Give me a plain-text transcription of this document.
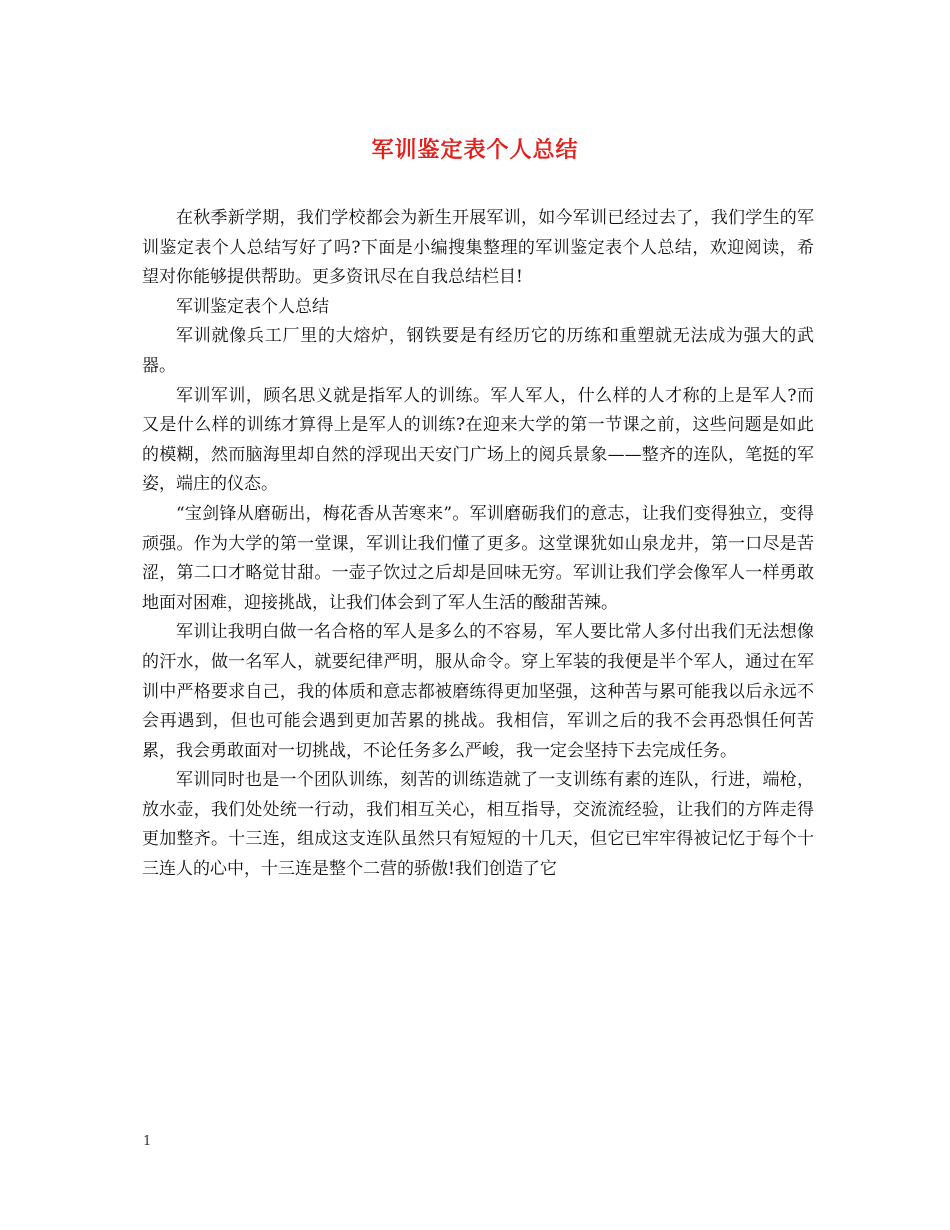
军训鉴定表个人总结

在秋季新学期，我们学校都会为新生开展军训，如今军训已经过去了，我们学生的军训鉴定表个人总结写好了吗?下面是小编搜集整理的军训鉴定表个人总结，欢迎阅读，希望对你能够提供帮助。更多资讯尽在自我总结栏目!

军训鉴定表个人总结

军训就像兵工厂里的大熔炉，钢铁要是有经历它的历练和重塑就无法成为强大的武器。

军训军训，顾名思义就是指军人的训练。军人军人，什么样的人才称的上是军人?而又是什么样的训练才算得上是军人的训练?在迎来大学的第一节课之前，这些问题是如此的模糊，然而脑海里却自然的浮现出天安门广场上的阅兵景象——整齐的连队，笔挺的军姿，端庄的仪态。

“宝剑锋从磨砺出，梅花香从苦寒来”。军训磨砺我们的意志，让我们变得独立，变得顽强。作为大学的第一堂课，军训让我们懂了更多。这堂课犹如山泉龙井，第一口尽是苦涩，第二口才略觉甘甜。一壶子饮过之后却是回味无穷。军训让我们学会像军人一样勇敢地面对困难，迎接挑战，让我们体会到了军人生活的酸甜苦辣。

军训让我明白做一名合格的军人是多么的不容易，军人要比常人多付出我们无法想像的汗水，做一名军人，就要纪律严明，服从命令。穿上军装的我便是半个军人，通过在军训中严格要求自己，我的体质和意志都被磨练得更加坚强，这种苦与累可能我以后永远不会再遇到，但也可能会遇到更加苦累的挑战。我相信，军训之后的我不会再恐惧任何苦累，我会勇敢面对一切挑战，不论任务多么严峻，我一定会坚持下去完成任务。

军训同时也是一个团队训练，刻苦的训练造就了一支训练有素的连队，行进，端枪，放水壶，我们处处统一行动，我们相互关心，相互指导，交流流经验，让我们的方阵走得更加整齐。十三连，组成这支连队虽然只有短短的十几天，但它已牢牢得被记忆于每个十三连人的心中，十三连是整个二营的骄傲!我们创造了它

1
